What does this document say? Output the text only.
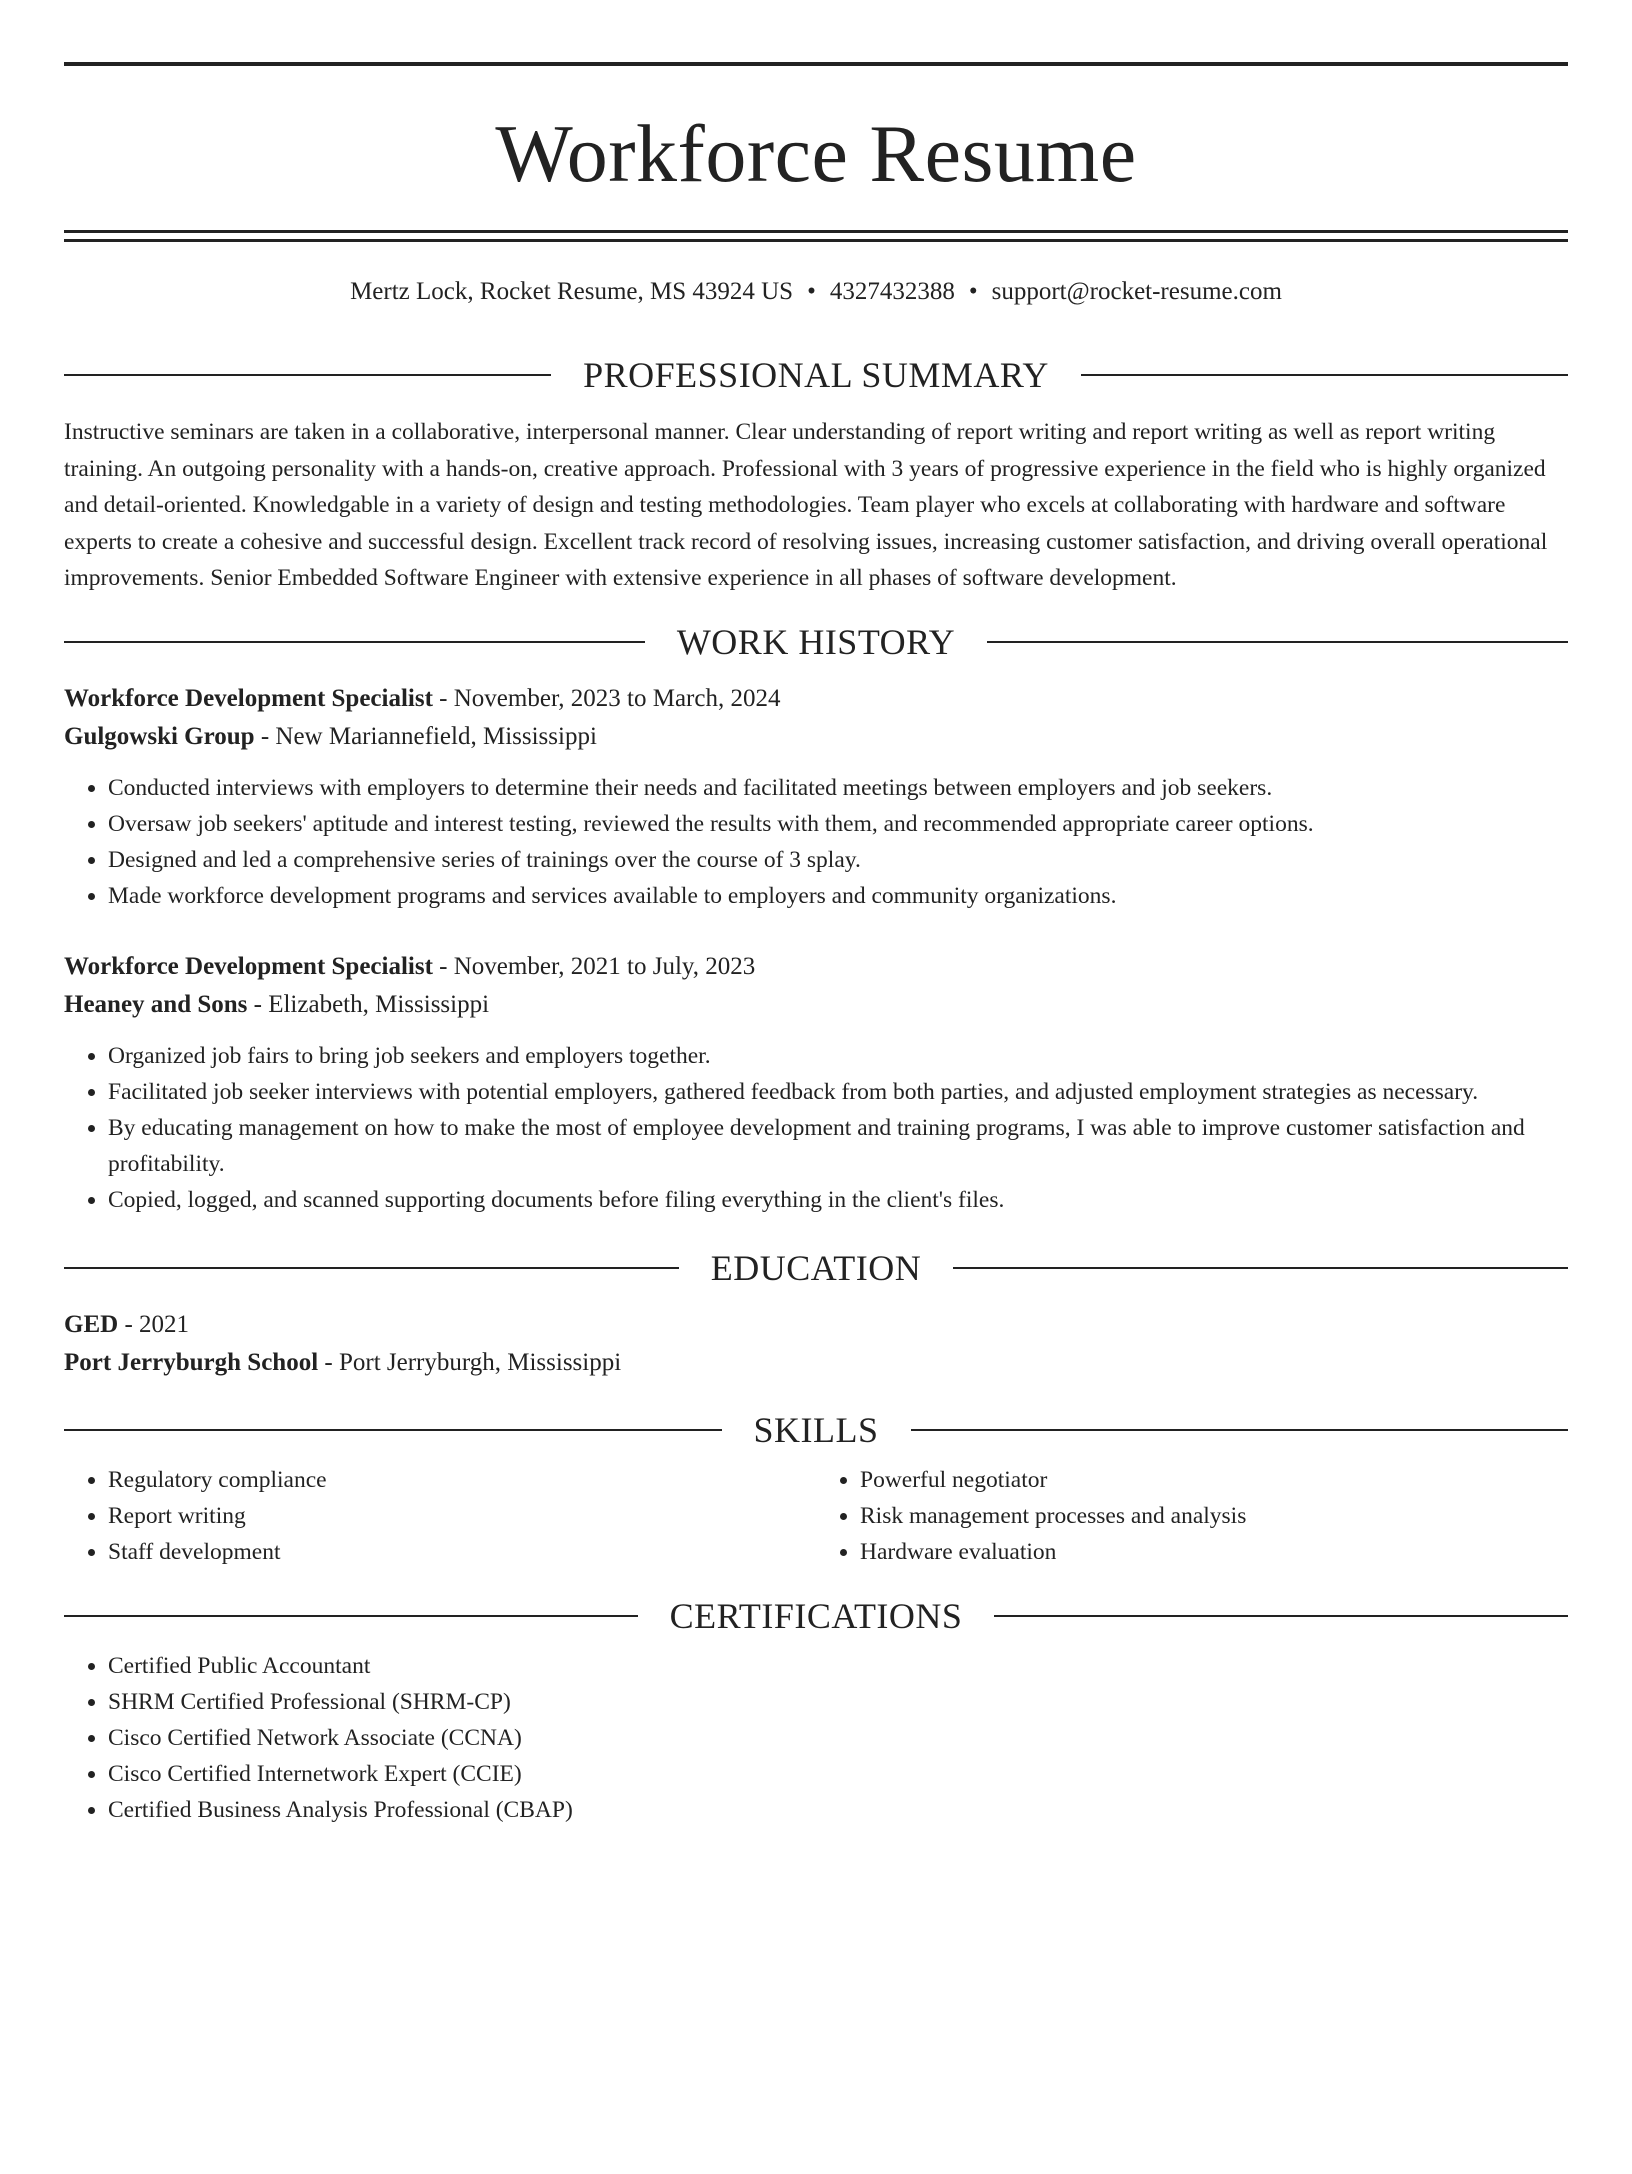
Workforce Resume
Mertz Lock, Rocket Resume, MS 43924 US • 4327432388 • support@rocket-resume.com
PROFESSIONAL SUMMARY

Instructive seminars are taken in a collaborative, interpersonal manner. Clear understanding of report writing and report writing as well as report writing training. An outgoing personality with a hands-on, creative approach. Professional with 3 years of progressive experience in the field who is highly organized and detail-oriented. Knowledgable in a variety of design and testing methodologies. Team player who excels at collaborating with hardware and software experts to create a cohesive and successful design. Excellent track record of resolving issues, increasing customer satisfaction, and driving overall operational improvements. Senior Embedded Software Engineer with extensive experience in all phases of software development.

WORK HISTORY
Workforce Development Specialist - November, 2023 to March, 2024
Gulgowski Group - New Mariannefield, Mississippi
• Conducted interviews with employers to determine their needs and facilitated meetings between employers and job seekers.
• Oversaw job seekers' aptitude and interest testing, reviewed the results with them, and recommended appropriate career options.
• Designed and led a comprehensive series of trainings over the course of 3 splay.
• Made workforce development programs and services available to employers and community organizations.
Workforce Development Specialist - November, 2021 to July, 2023
Heaney and Sons - Elizabeth, Mississippi
• Organized job fairs to bring job seekers and employers together.
• Facilitated job seeker interviews with potential employers, gathered feedback from both parties, and adjusted employment strategies as necessary.
• By educating management on how to make the most of employee development and training programs, I was able to improve customer satisfaction and profitability.
• Copied, logged, and scanned supporting documents before filing everything in the client's files.
EDUCATION
GED - 2021
Port Jerryburgh School - Port Jerryburgh, Mississippi
SKILLS
• Regulatory compliance
• Report writing
• Staff development
• Powerful negotiator
• Risk management processes and analysis
• Hardware evaluation
CERTIFICATIONS
• Certified Public Accountant
• SHRM Certified Professional (SHRM-CP)
• Cisco Certified Network Associate (CCNA)
• Cisco Certified Internetwork Expert (CCIE)
• Certified Business Analysis Professional (CBAP)
